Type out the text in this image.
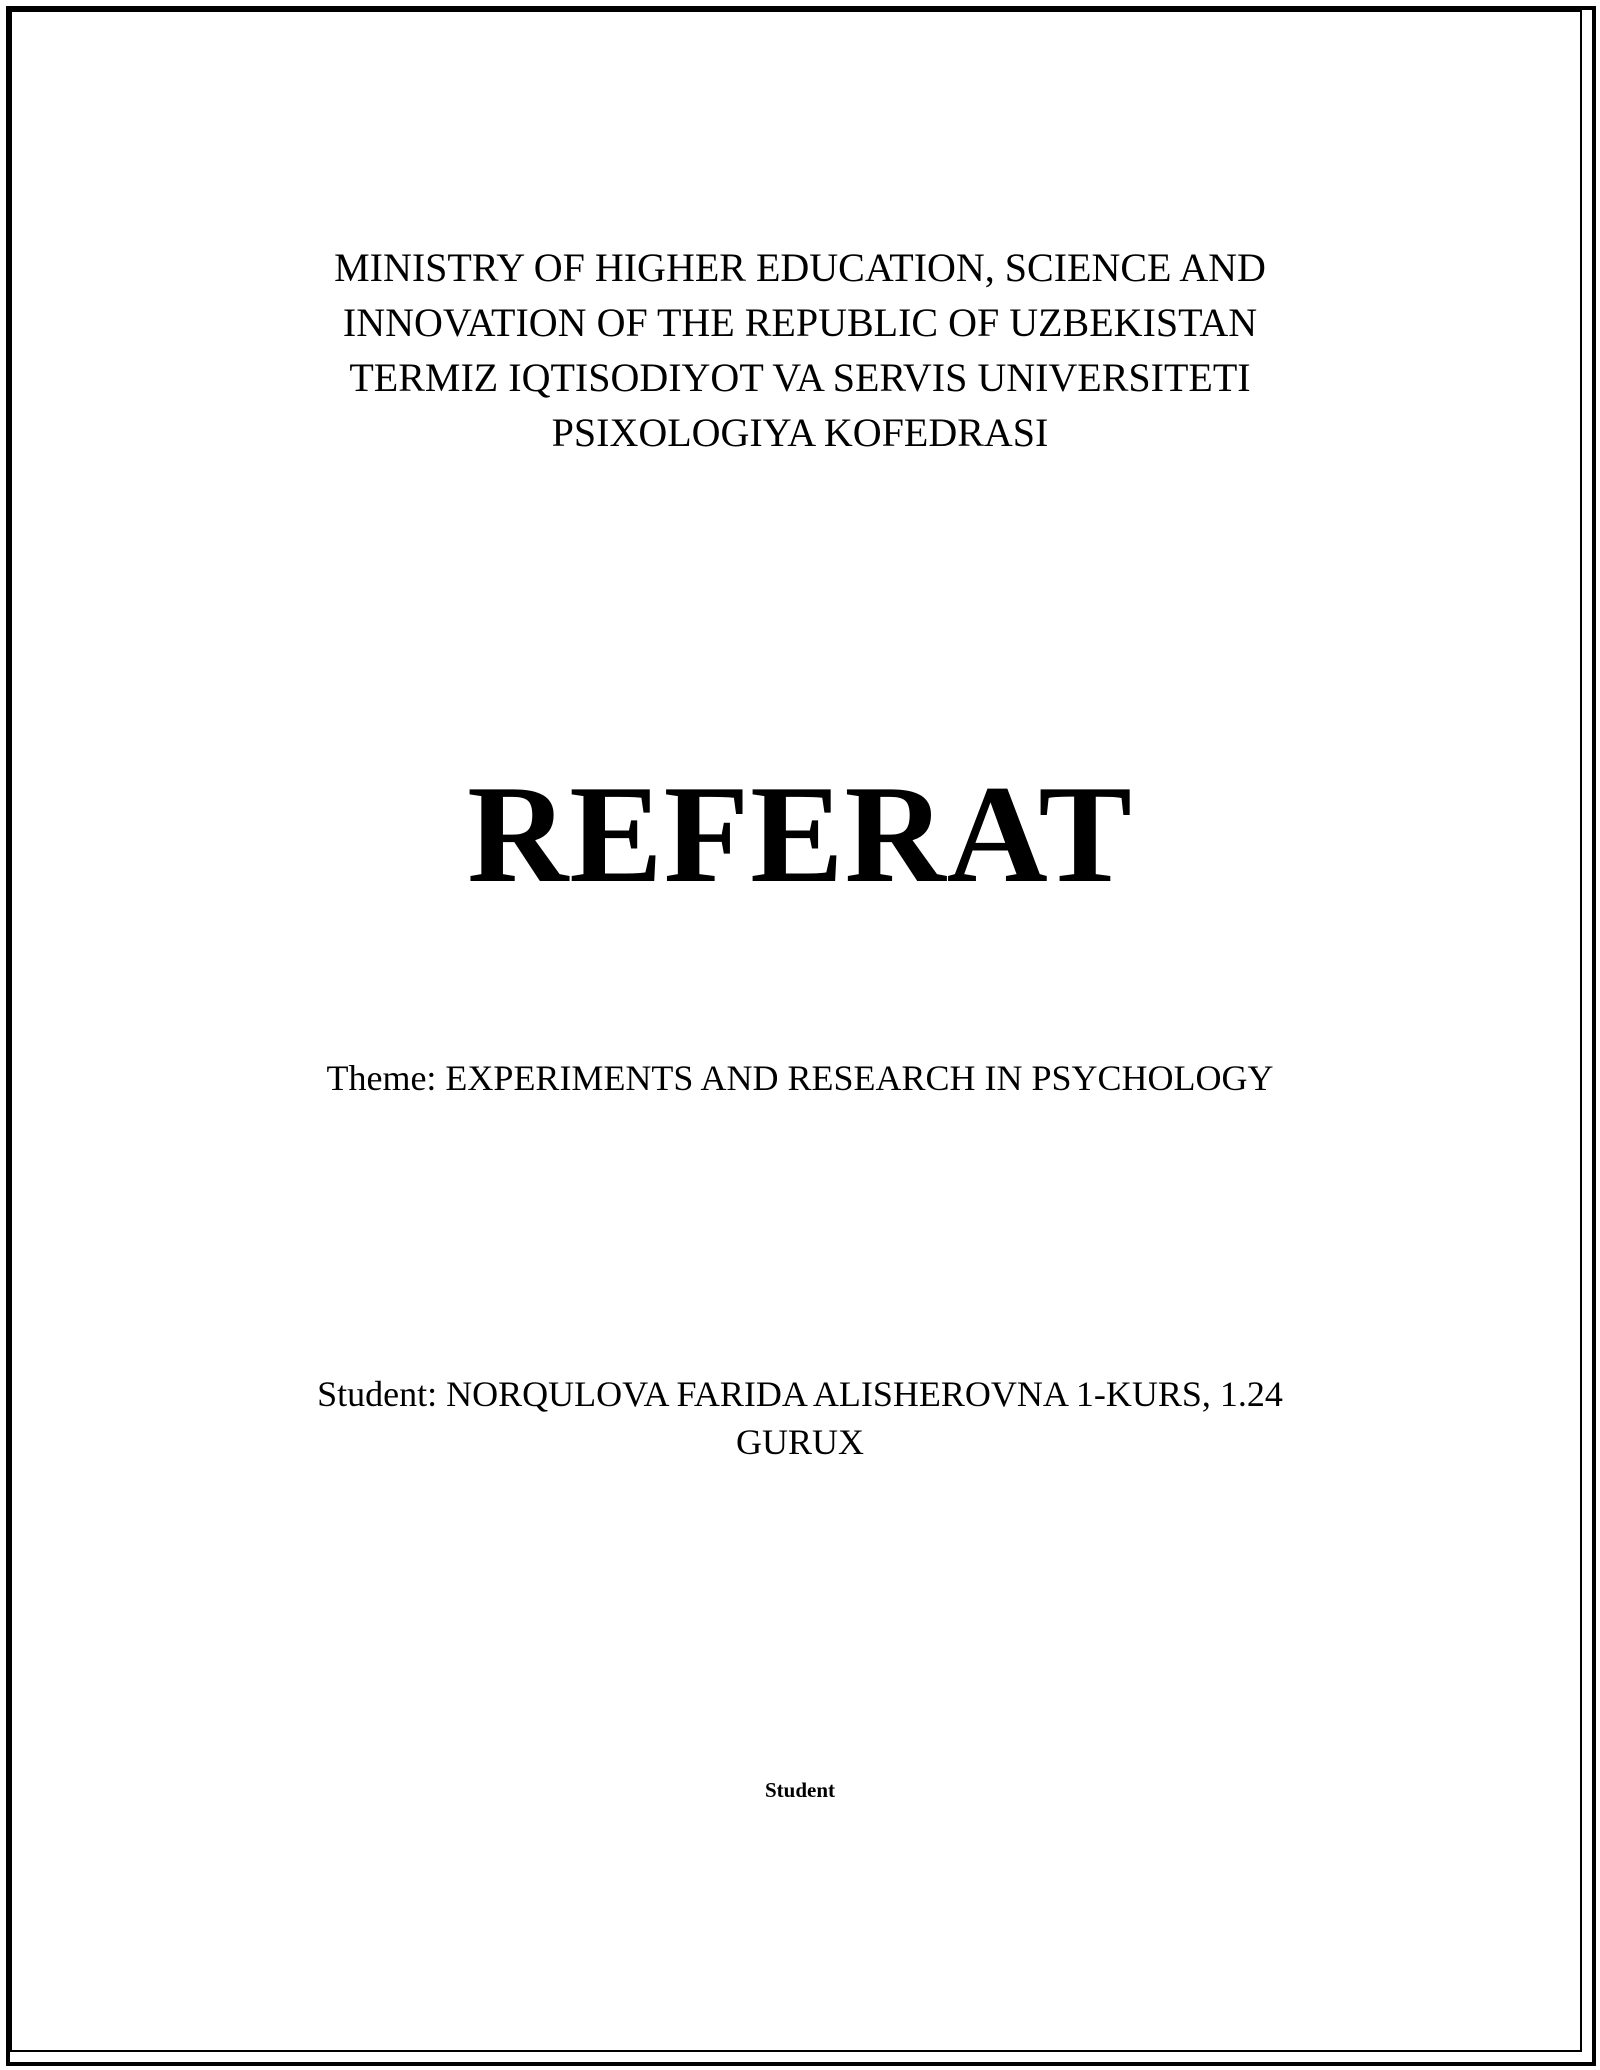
MINISTRY OF HIGHER EDUCATION, SCIENCE AND
INNOVATION OF THE REPUBLIC OF UZBEKISTAN
TERMIZ IQTISODIYOT VA SERVIS UNIVERSITETI
PSIXOLOGIYA KOFEDRASI
REFERAT
Theme: EXPERIMENTS AND RESEARCH IN PSYCHOLOGY
Student: NORQULOVA FARIDA ALISHEROVNA 1-KURS, 1.24
GURUX
Student
